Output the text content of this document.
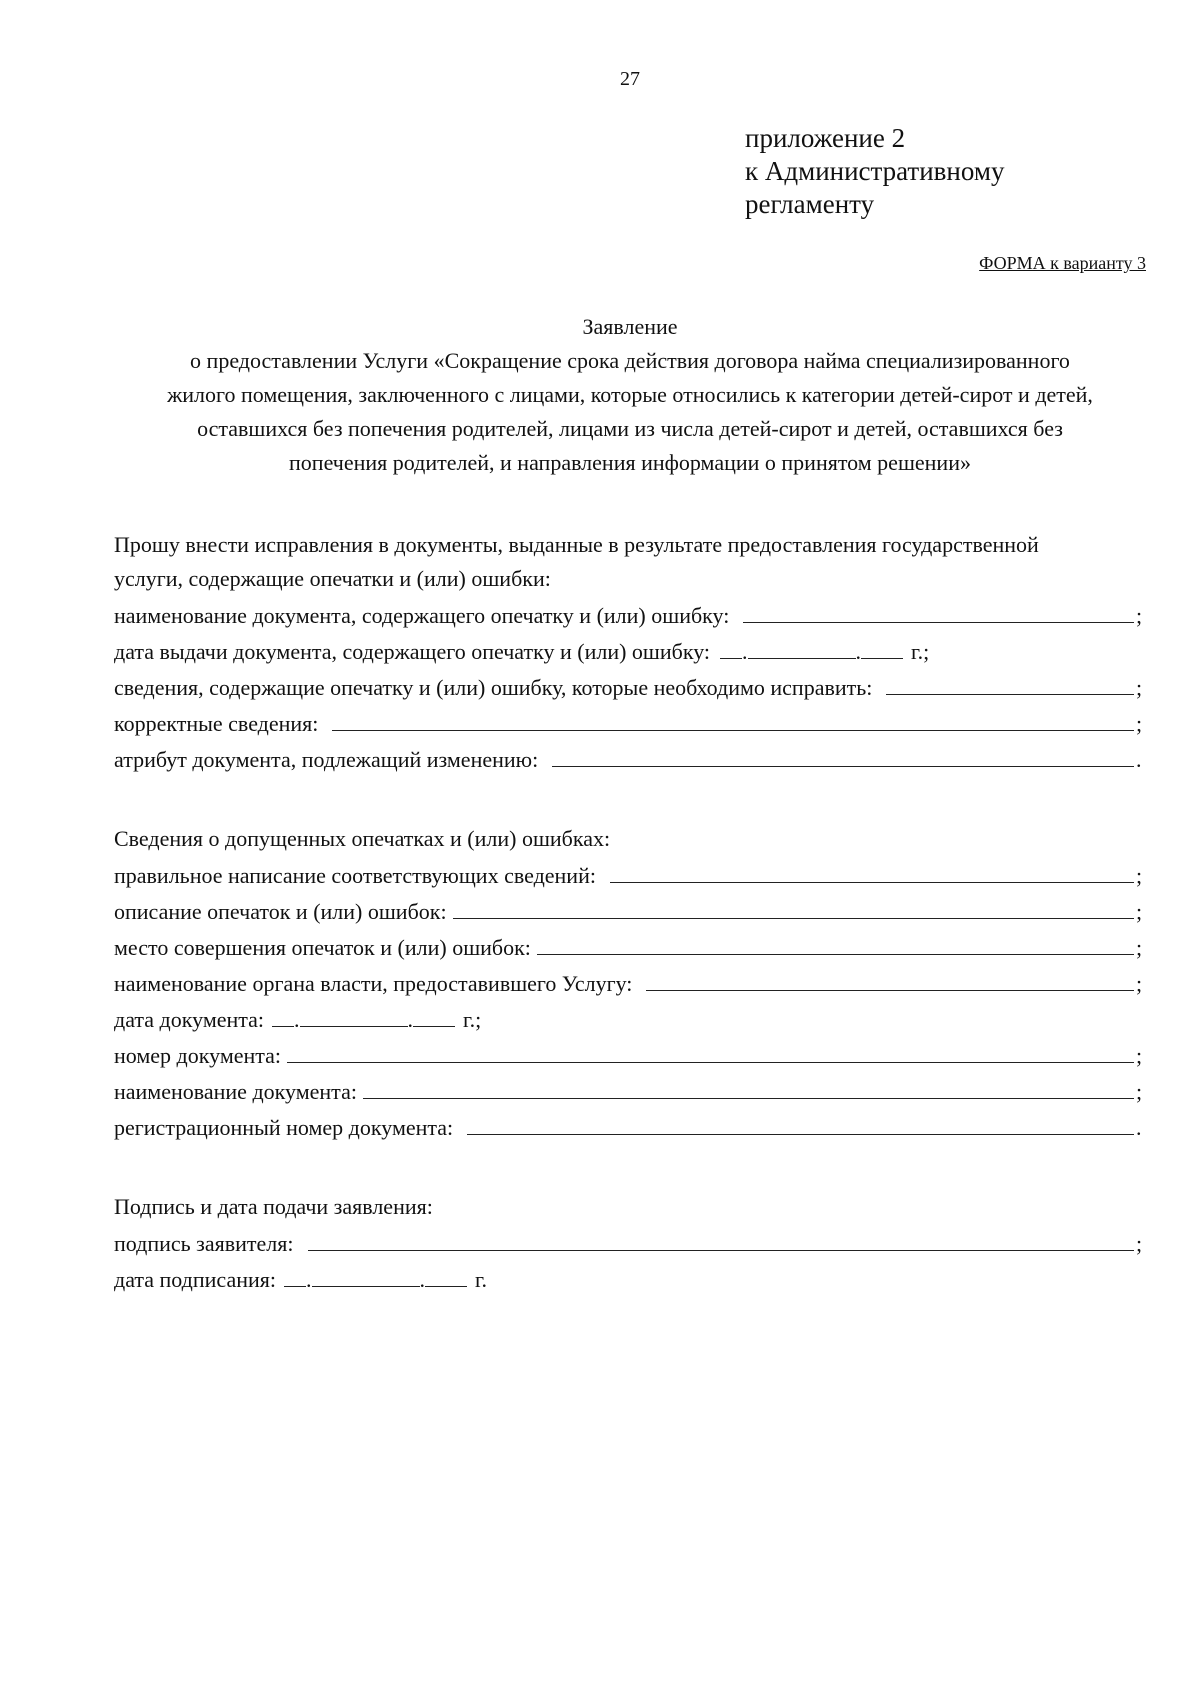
27
приложение 2
к Административному
регламенту
ФОРМА к варианту 3
Заявление
о предоставлении Услуги «Сокращение срока действия договора найма специализированного
жилого помещения, заключенного с лицами, которые относились к категории детей-сирот и детей,
оставшихся без попечения родителей, лицами из числа детей-сирот и детей, оставшихся без
попечения родителей, и направления информации о принятом решении»
Прошу внести исправления в документы, выданные в результате предоставления государственной
услуги, содержащие опечатки и (или) ошибки:
наименование документа, содержащего опечатку и (или) ошибку:	;
дата выдачи документа, содержащего опечатку и (или) ошибку: .	. г.;
сведения, содержащие опечатку и (или) ошибку, которые необходимо исправить:	;
корректные сведения:	;
атрибут документа, подлежащий изменению:	.
Сведения о допущенных опечатках и (или) ошибках:
правильное написание соответствующих сведений:	;
описание опечаток и (или) ошибок:	;
место совершения опечаток и (или) ошибок:	;
наименование органа власти, предоставившего Услугу:	;
дата документа: .	. г.;
номер документа:	;
наименование документа:	;
регистрационный номер документа:	.
Подпись и дата подачи заявления:
подпись заявителя:	;
дата подписания: .	. г.
